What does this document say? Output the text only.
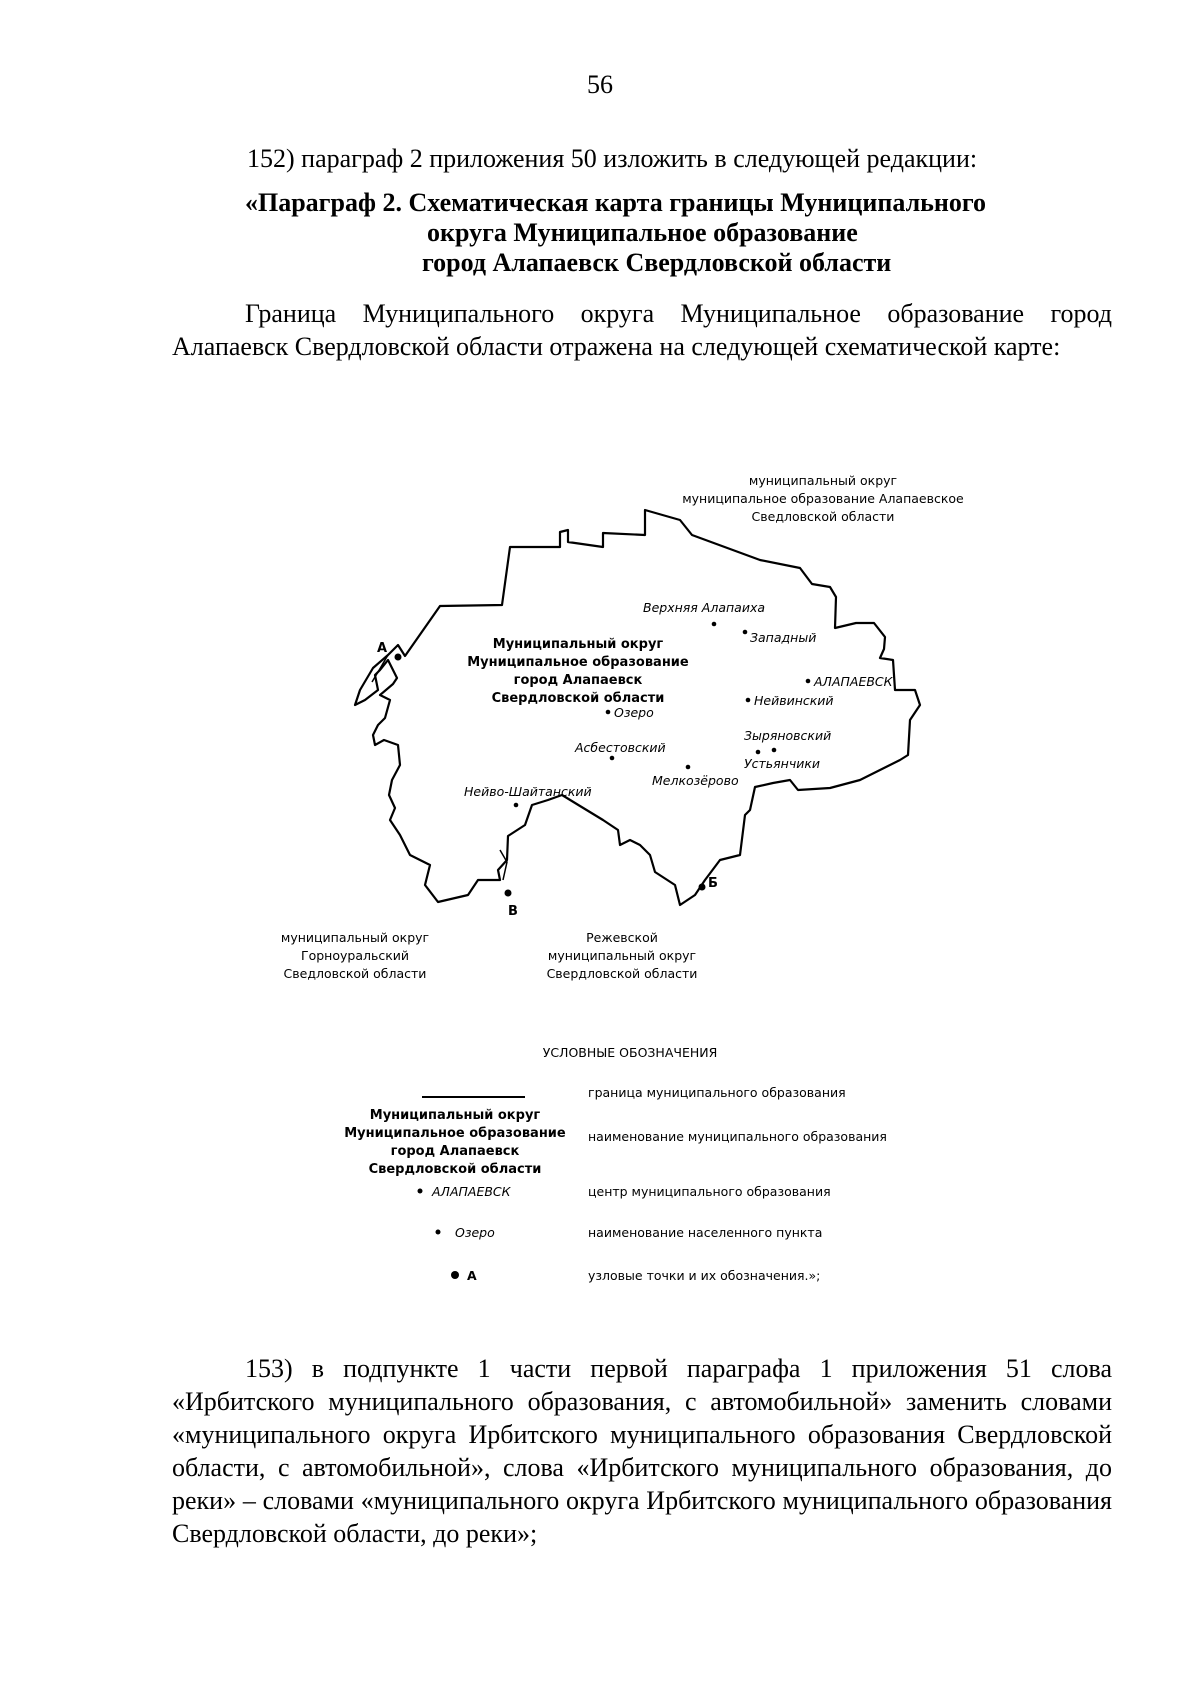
56
152) параграф 2 приложения 50 изложить в следующей редакции:
«Параграф 2. Схематическая карта границы Муниципального
округа Муниципальное образование
город Алапаевск Свердловской области
Граница Муниципального округа Муниципальное образование город Алапаевск Свердловской области отражена на следующей схематической карте:
муниципальный округ
муниципальное образование Алапаевское
Сведловской области
муниципальный округ
Горноуральский
Сведловской области
Режевской
муниципальный округ
Свердловской области
Муниципальный округ
Муниципальное образование
город Алапаевск
Свердловской области
Верхняя Алапаиха
Западный
АЛАПАЕВСК
Нейвинский
Зыряновский
Устьянчики
Мелкозёрово
Асбестовский
Озеро
Нейво-Шайтанский
А
Б
В
УСЛОВНЫЕ ОБОЗНАЧЕНИЯ
граница муниципального образования
Муниципальный округ
Муниципальное образование
город Алапаевск
Свердловской области
наименование муниципального образования
АЛАПАЕВСК	центр муниципального образования
Озеро	наименование населенного пункта
А	узловые точки и их обозначения.»;
153) в подпункте 1 части первой параграфа 1 приложения 51 слова «Ирбитского муниципального образования, с автомобильной» заменить словами «муниципального округа Ирбитского муниципального образования Свердловской области, с автомобильной», слова «Ирбитского муниципального образования, до реки» – словами «муниципального округа Ирбитского муниципального образования Свердловской области, до реки»;
